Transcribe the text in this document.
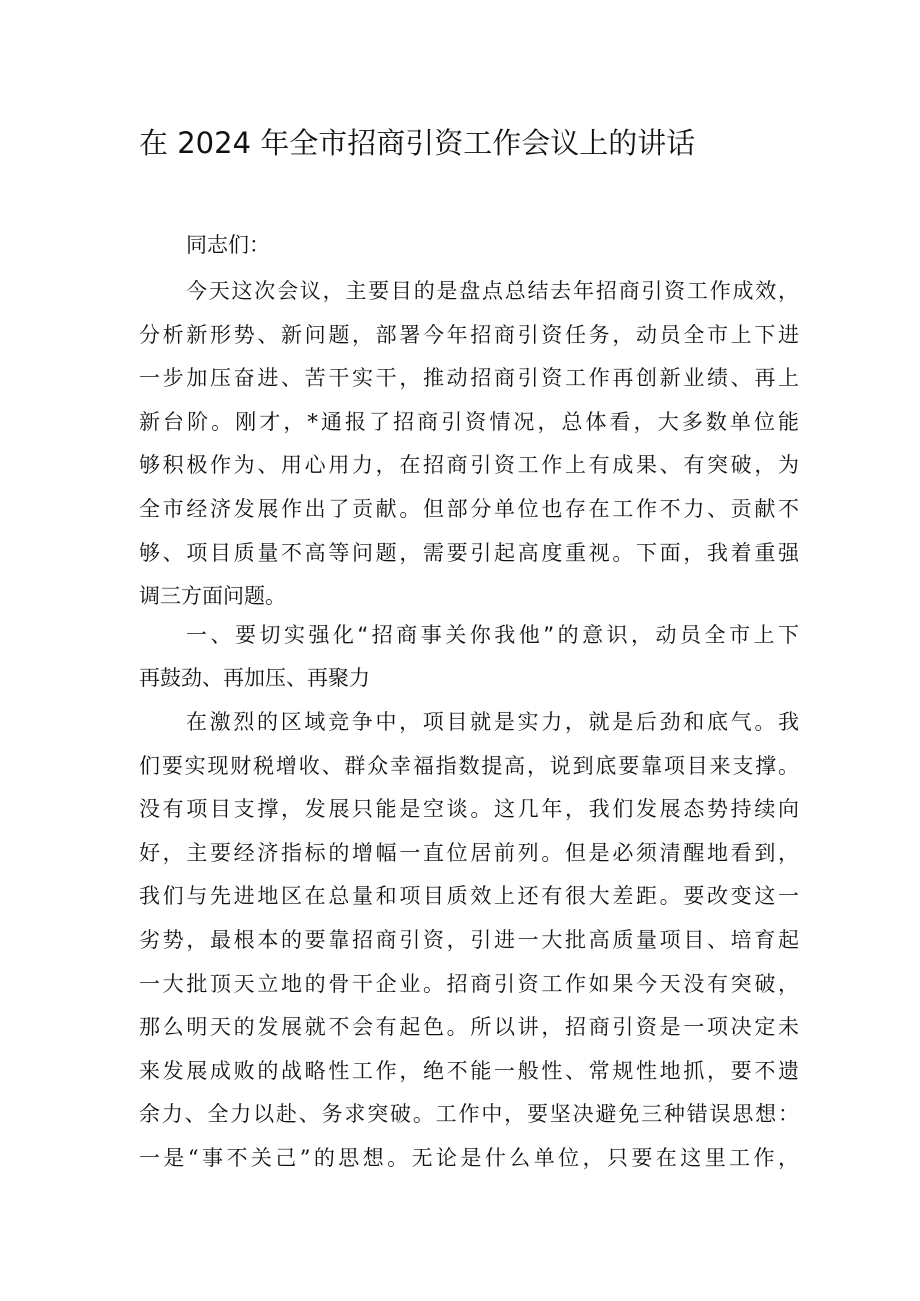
在 2024 年全市招商引资工作会议上的讲话

同志们：

今天这次会议，主要目的是盘点总结去年招商引资工作成效，
分析新形势、新问题，部署今年招商引资任务，动员全市上下进
一步加压奋进、苦干实干，推动招商引资工作再创新业绩、再上
新台阶。刚才，*通报了招商引资情况，总体看，大多数单位能
够积极作为、用心用力，在招商引资工作上有成果、有突破，为
全市经济发展作出了贡献。但部分单位也存在工作不力、贡献不
够、项目质量不高等问题，需要引起高度重视。下面，我着重强
调三方面问题。
一、要切实强化“招商事关你我他”的意识，动员全市上下
再鼓劲、再加压、再聚力
在激烈的区域竞争中，项目就是实力，就是后劲和底气。我
们要实现财税增收、群众幸福指数提高，说到底要靠项目来支撑。
没有项目支撑，发展只能是空谈。这几年，我们发展态势持续向
好，主要经济指标的增幅一直位居前列。但是必须清醒地看到，
我们与先进地区在总量和项目质效上还有很大差距。要改变这一
劣势，最根本的要靠招商引资，引进一大批高质量项目、培育起
一大批顶天立地的骨干企业。招商引资工作如果今天没有突破，
那么明天的发展就不会有起色。所以讲，招商引资是一项决定未
来发展成败的战略性工作，绝不能一般性、常规性地抓，要不遗
余力、全力以赴、务求突破。工作中，要坚决避免三种错误思想：
一是“事不关己”的思想。无论是什么单位，只要在这里工作，
